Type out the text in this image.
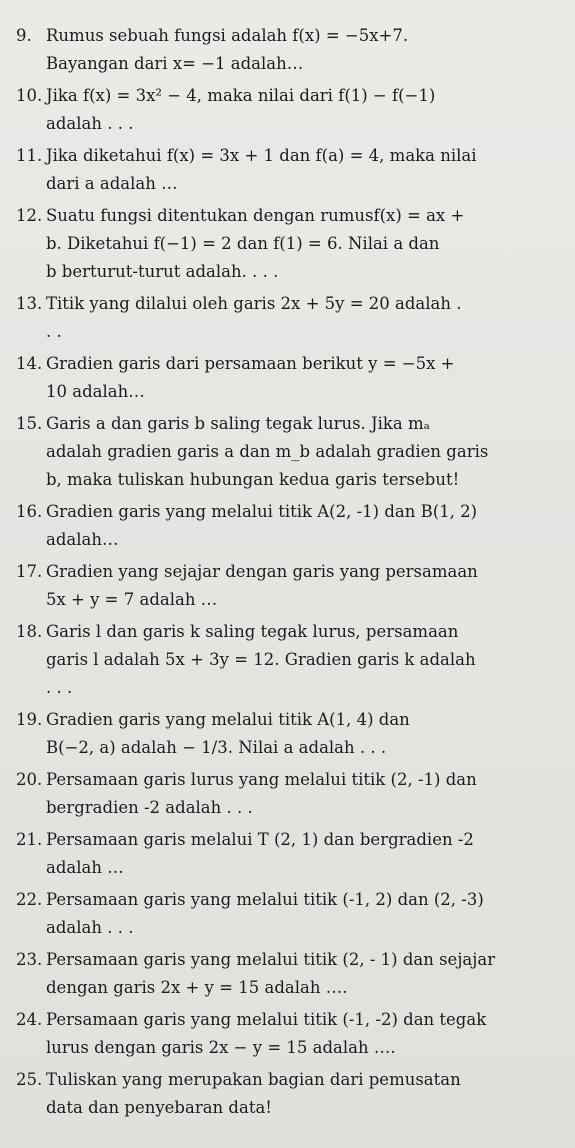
9. Rumus sebuah fungsi adalah f(x) = −5x+7.
Bayangan dari x= −1 adalah…
10. Jika f(x) = 3x² − 4, maka nilai dari f(1) − f(−1)
adalah . . .
11. Jika diketahui f(x) = 3x + 1 dan f(a) = 4, maka nilai
dari a adalah …
12. Suatu fungsi ditentukan dengan rumusf(x) = ax +
b. Diketahui f(−1) = 2 dan f(1) = 6. Nilai a dan
b berturut-turut adalah. . . .
13. Titik yang dilalui oleh garis 2x + 5y = 20 adalah .
. .
14. Gradien garis dari persamaan berikut y = −5x +
10 adalah…
15. Garis a dan garis b saling tegak lurus. Jika mₐ
adalah gradien garis a dan m_b adalah gradien garis
b, maka tuliskan hubungan kedua garis tersebut!
16. Gradien garis yang melalui titik A(2, -1) dan B(1, 2)
adalah…
17. Gradien yang sejajar dengan garis yang persamaan
5x + y = 7 adalah …
18. Garis l dan garis k saling tegak lurus, persamaan
garis l adalah 5x + 3y = 12. Gradien garis k adalah
. . .
19. Gradien garis yang melalui titik A(1, 4) dan
B(−2, a) adalah − 1/3. Nilai a adalah . . .
20. Persamaan garis lurus yang melalui titik (2, -1) dan
bergradien -2 adalah . . .
21. Persamaan garis melalui T (2, 1) dan bergradien -2
adalah …
22. Persamaan garis yang melalui titik (-1, 2) dan (2, -3)
adalah . . .
23. Persamaan garis yang melalui titik (2, - 1) dan sejajar
dengan garis 2x + y = 15 adalah ….
24. Persamaan garis yang melalui titik (-1, -2) dan tegak
lurus dengan garis 2x − y = 15 adalah ….
25. Tuliskan yang merupakan bagian dari pemusatan
data dan penyebaran data!
